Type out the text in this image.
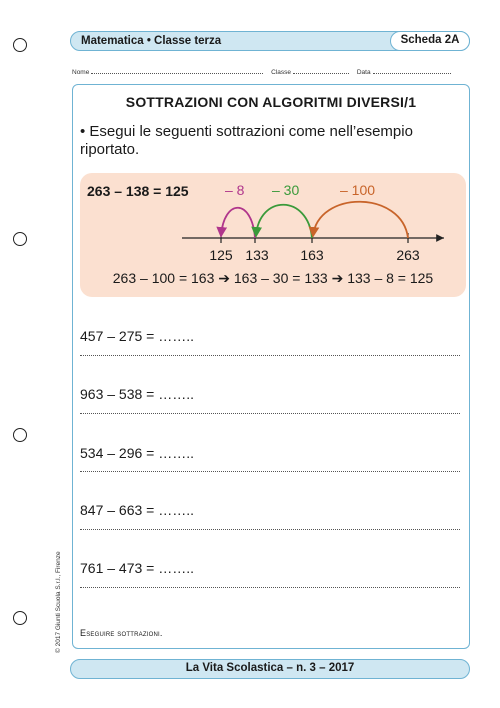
Matematica • Classe terza	Scheda 2A
Nome	Classe	Data
SOTTRAZIONI CON ALGORITMI DIVERSI/1
• Esegui le seguenti sottrazioni come nell’esempio riportato.
263 – 138 = 125	– 8 – 30	– 100
125 133 163	263
263 – 100 = 163 ➔ 163 – 30 = 133 ➔ 133 – 8 = 125
457 – 275 = ……..
963 – 538 = ……..
534 – 296 = ……..
847 – 663 = ……..
761 – 473 = ……..
Eseguire sottrazioni.
© 2017 Giunti Scuola S.r.l., Firenze
La Vita Scolastica – n. 3 – 2017
